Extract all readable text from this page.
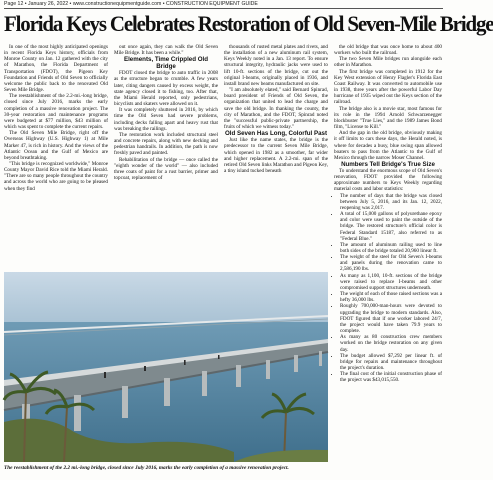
Page 12 • January 26, 2022 • www.constructionequipmentguide.com • CONSTRUCTION EQUIPMENT GUIDE
Florida Keys Celebrates Restoration of Old Seven-Mile Bridge

In one of the most highly anticipated openings in recent Florida Keys history, officials from Monroe County on Jan. 12 gathered with the city of Marathon, the Florida Department of Transportation (FDOT), the Pigeon Key Foundation and Friends of Old Seven to officially welcome the public back to the renovated Old Seven Mile Bridge.

The reestablishment of the 2.2-mi.-long bridge, closed since July 2016, marks the early completion of a massive renovation project. The 30-year restoration and maintenance programs were budgeted at $77 million, $43 million of which was spent to complete the current repairs.

The Old Seven Mile Bridge, right off the Overseas Highway (U.S. Highway 1) at Mile Marker 47, is rich in history. And the views of the Atlantic Ocean and the Gulf of Mexico are beyond breathtaking.

"This bridge is recognized worldwide," Monroe County Mayor David Rice told the Miami Herald. "There are so many people throughout the country and across the world who are going to be pleased when they find

out once again, they can walk the Old Seven Mile Bridge. It has been a while."

Elements, Time Crippled Old Bridge

FDOT closed the bridge to auto traffic in 2008 as the structure began to crumble. A few years later, citing dangers caused by excess weight, the state agency closed it to fishing, too. After that, the Miami Herald reported, only pedestrians, bicyclists and skaters were allowed on it.

It was completely shuttered in 2016, by which time the Old Seven had severe problems, including decks falling apart and heavy rust that was breaking the railings.

The restoration work included structural steel and concrete repairs, along with new decking and pedestrian handrails. In addition, the path is now freshly paved and painted.

Rehabilitation of the bridge — once called the "eighth wonder of the world" — also included three coats of paint for a rust barrier, primer and topcoat, replacement of

thousands of rusted metal plates and rivets, and the installation of a new aluminum rail system, Keys Weekly noted in a Jan. 13 report. To ensure structural integrity, hydraulic jacks were used to lift 10-ft. sections of the bridge, cut out the original I-beams, originally placed in 1936, and install brand new beams manufactured on site.

"I am absolutely elated," said Bernard Spinrad, board president of Friends of Old Seven, the organization that united to lead the charge and save the old bridge. In thanking the county, the city of Marathon, and the FDOT, Spinrad noted the "successful public-private partnership, the fruits of which we witness today."

Old Seven Has Long, Colorful Past

Just like the name states, the bridge is the predecessor to the current Seven Mile Bridge, which opened in 1982 as a smoother, far wider and higher replacement. A 2.2-mi. span of the retired Old Seven links Marathon and Pigeon Key, a tiny island tucked beneath

the old bridge that was once home to about 400 workers who built the railroad.

The two Seven Mile bridges run alongside each other in Marathon.

The first bridge was completed in 1912 for the Key West extension of Henry Flagler's Florida East Coast Railway. It was converted to automobile use in 1938, three years after the powerful Labor Day hurricane of 1935 wiped out the Keys section of the railroad.

The bridge also is a movie star, most famous for its role in the 1994 Arnold Schwarzenegger blockbuster "True Lies," and the 1989 James Bond film, "License to Kill."

And the gap in the old bridge, obviously making it off limits to cars these days, the Herald noted, is where for decades a busy, blue swing span allowed boaters to pass from the Atlantic to the Gulf of Mexico through the narrow Moser Channel.

Numbers Tell Bridge's True Size

To understand the enormous scope of Old Seven's renovation, FDOT provided the following approximate numbers to Keys Weekly regarding material costs and labor statistics:

• The number of days that the bridge was closed between July 5, 2016, and its Jan. 12, 2022, reopening was 2,017.
• A total of 15,000 gallons of polyurethane epoxy and color were used to paint the outside of the bridge. The restored structure's official color is Federal Standard 15187, also referred to as "Federal Blue."
• The amount of aluminum railing used to line both sides of the bridge totaled 20,960 linear ft.
• The weight of the steel for Old Seven's I-beams and panels during the renovation came to 2,586,190 lbs.
• As many as 1,100, 10-ft. sections of the bridge were raised to replace I-beams and other compromised support structures underneath.
• The weight of each of those raised sections was a hefty 36,000 lbs.
• Roughly 700,000-man-hours were devoted to upgrading the bridge to modern standards. Also, FDOT figured that if one worker labored 24/7, the project would have taken 79.9 years to complete.
• As many as 80 construction crew members worked on the bridge restoration on any given day.
• The budget allowed $7,292 per linear ft. of bridge for repairs and maintenance throughout the project's duration.
• The final cost of the initial construction phase of the project was $43,015,550.
The reestablishment of the 2.2 mi.-long bridge, closed since July 2016, marks the early completion of a massive renovation project.
